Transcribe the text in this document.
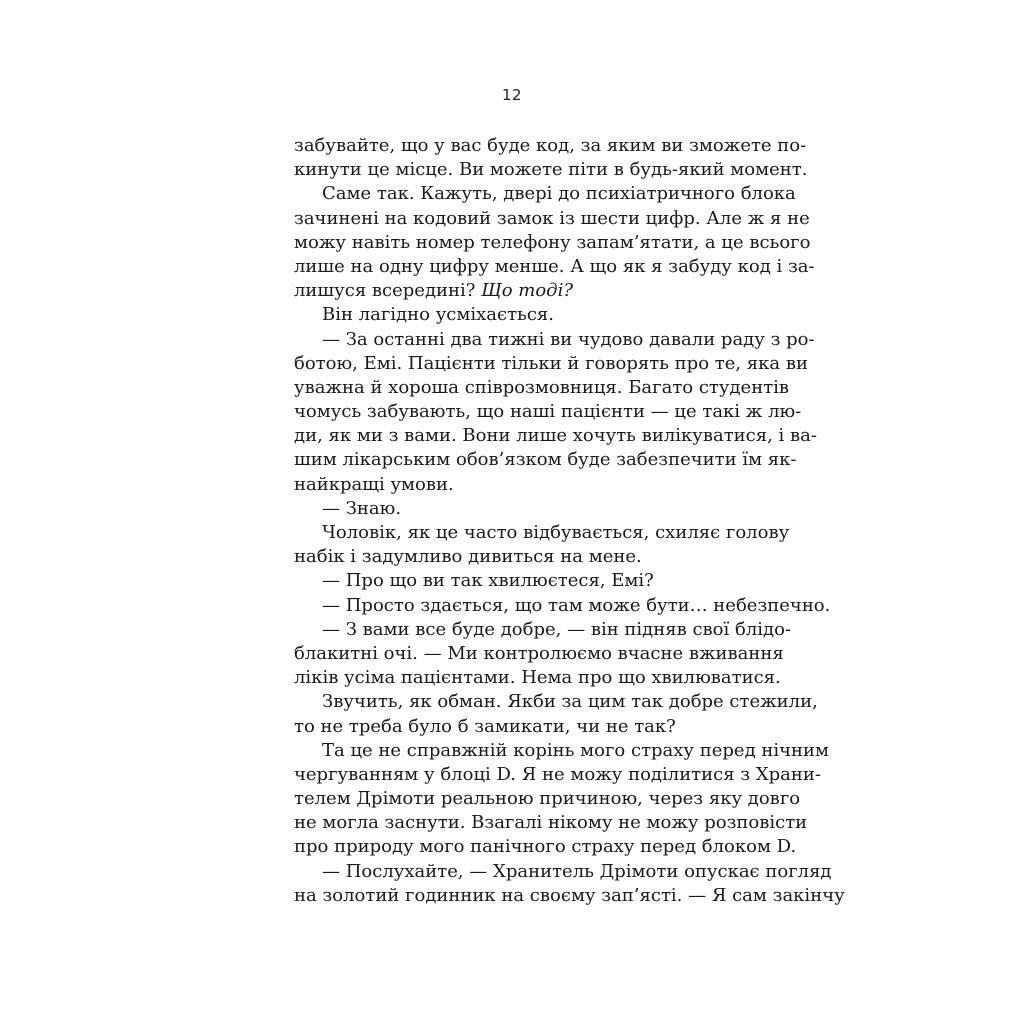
12
забувайте, що у вас буде код, за яким ви зможете по-
кинути це місце. Ви можете піти в будь-який момент.
Саме так. Кажуть, двері до психіатричного блока
зачинені на кодовий замок із шести цифр. Але ж я не
можу навіть номер телефону запам’ятати, а це всього
лише на одну цифру менше. А що як я забуду код і за-
лишуся всередині? Що тоді?
Він лагідно усміхається.
— За останні два тижні ви чудово давали раду з ро-
ботою, Емі. Пацієнти тільки й говорять про те, яка ви
уважна й хороша співрозмовниця. Багато студентів
чомусь забувають, що наші пацієнти — це такі ж лю-
ди, як ми з вами. Вони лише хочуть вилікуватися, і ва-
шим лікарським обов’язком буде забезпечити їм як-
найкращі умови.
— Знаю.
Чоловік, як це часто відбувається, схиляє голову
набік і задумливо дивиться на мене.
— Про що ви так хвилюєтеся, Емі?
— Просто здається, що там може бути… небезпечно.
— З вами все буде добре, — він підняв свої блідо-
блакитні очі. — Ми контролюємо вчасне вживання
ліків усіма пацієнтами. Нема про що хвилюватися.
Звучить, як обман. Якби за цим так добре стежили,
то не треба було б замикати, чи не так?
Та це не справжній корінь мого страху перед нічним
чергуванням у блоці D. Я не можу поділитися з Храни-
телем Дрімоти реальною причиною, через яку довго
не могла заснути. Взагалі нікому не можу розповісти
про природу мого панічного страху перед блоком D.
— Послухайте, — Хранитель Дрімоти опускає погляд
на золотий годинник на своєму зап’ясті. — Я сам закінчу
